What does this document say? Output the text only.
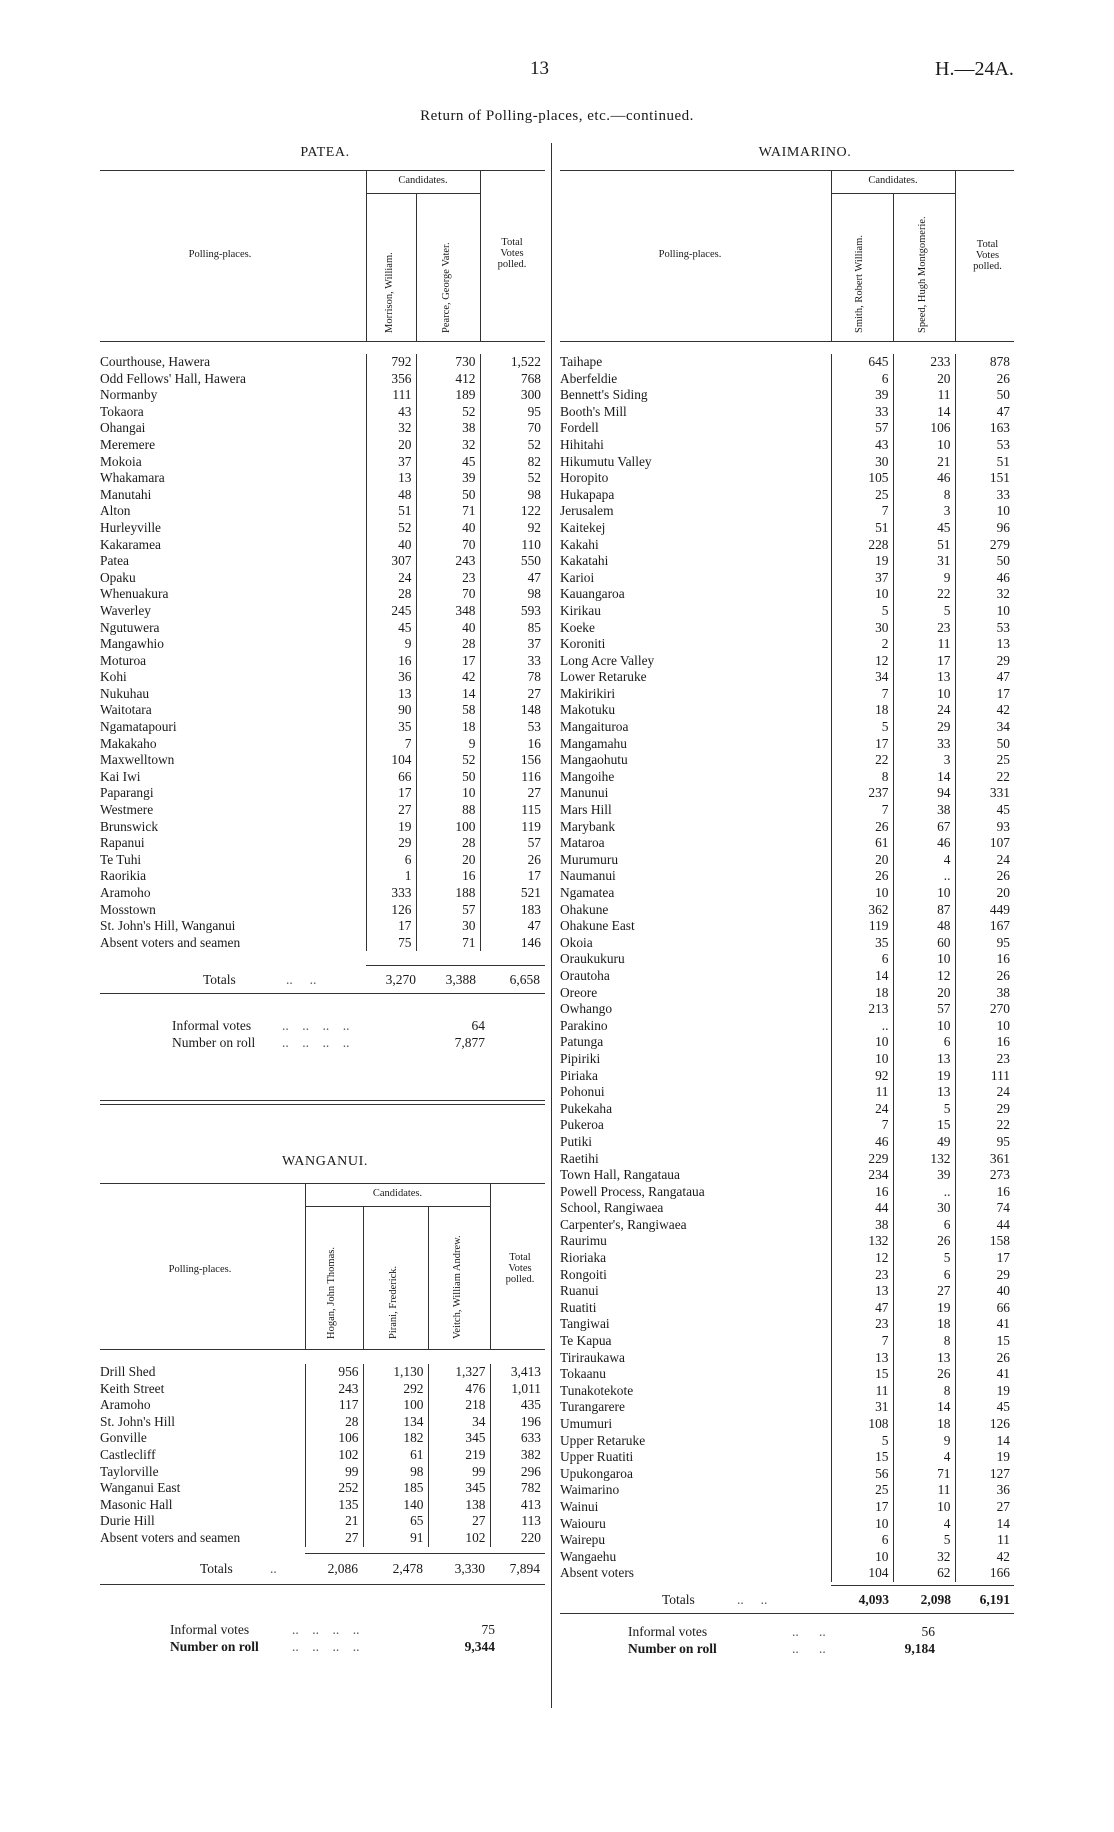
13	H.—24A.
Return of Polling-places, etc.—continued.
PATEA.
Polling-places.
Candidates.
Morrison, William.	Pearce, George Vater.	Total Votes polled.
Courthouse, Hawera	792	730	1,522
Odd Fellows' Hall, Hawera	356	412	768
Normanby	111	189	300
Tokaora	43	52	95
Ohangai	32	38	70
Meremere	20	32	52
Mokoia	37	45	82
Whakamara	13	39	52
Manutahi	48	50	98
Alton	51	71	122
Hurleyville	52	40	92
Kakaramea	40	70	110
Patea	307	243	550
Opaku	24	23	47
Whenuakura	28	70	98
Waverley	245	348	593
Ngutuwera	45	40	85
Mangawhio	9	28	37
Moturoa	16	17	33
Kohi	36	42	78
Nukuhau	13	14	27
Waitotara	90	58	148
Ngamatapouri	35	18	53
Makakaho	7	9	16
Maxwelltown	104	52	156
Kai Iwi	66	50	116
Paparangi	17	10	27
Westmere	27	88	115
Brunswick	19	100	119
Rapanui	29	28	57
Te Tuhi	6	20	26
Raorikia	1	16	17
Aramoho	333	188	521
Mosstown	126	57	183
St. John's Hill, Wanganui	17	30	47
Absent voters and seamen	75	71	146
Totals	..     ..	3,270	3,388	6,658
Informal votes ..    ..    ..    ..	64
Number on roll ..    ..    ..    ..	7,877
WANGANUI.
Polling-places.
Candidates.
Hogan, John Thomas.	Pirani, Frederick.	Veitch, William Andrew.	Total Votes polled.
Drill Shed	956	1,130	1,327	3,413
Keith Street	243	292	476	1,011
Aramoho	117	100	218	435
St. John's Hill	28	134	34	196
Gonville	106	182	345	633
Castlecliff	102	61	219	382
Taylorville	99	98	99	296
Wanganui East	252	185	345	782
Masonic Hall	135	140	138	413
Durie Hill	21	65	27	113
Absent voters and seamen	27	91	102	220
Totals	..	2,086	2,478	3,330	7,894
Informal votes	..    ..    ..    ..	75
Number on roll ..    ..    ..    ..	9,344
WAIMARINO.
Polling-places.
Candidates.
Smith, Robert William.	Speed, Hugh Montgomerie.	Total Votes polled.
Taihape	645	233	878
Aberfeldie	6	20	26
Bennett's Siding	39	11	50
Booth's Mill	33	14	47
Fordell	57	106	163
Hihitahi	43	10	53
Hikumutu Valley	30	21	51
Horopito	105	46	151
Hukapapa	25	8	33
Jerusalem	7	3	10
Kaitekej	51	45	96
Kakahi	228	51	279
Kakatahi	19	31	50
Karioi	37	9	46
Kauangaroa	10	22	32
Kirikau	5	5	10
Koeke	30	23	53
Koroniti	2	11	13
Long Acre Valley	12	17	29
Lower Retaruke	34	13	47
Makirikiri	7	10	17
Makotuku	18	24	42
Mangaituroa	5	29	34
Mangamahu	17	33	50
Mangaohutu	22	3	25
Mangoihe	8	14	22
Manunui	237	94	331
Mars Hill	7	38	45
Marybank	26	67	93
Mataroa	61	46	107
Murumuru	20	4	24
Naumanui	26	..	26
Ngamatea	10	10	20
Ohakune	362	87	449
Ohakune East	119	48	167
Okoia	35	60	95
Oraukukuru	6	10	16
Orautoha	14	12	26
Oreore	18	20	38
Owhango	213	57	270
Parakino	..	10	10
Patunga	10	6	16
Pipiriki	10	13	23
Piriaka	92	19	111
Pohonui	11	13	24
Pukekaha	24	5	29
Pukeroa	7	15	22
Putiki	46	49	95
Raetihi	229	132	361
Town Hall, Rangataua	234	39	273
Powell Process, Rangataua	16	..	16
School, Rangiwaea	44	30	74
Carpenter's, Rangiwaea	38	6	44
Raurimu	132	26	158
Rioriaka	12	5	17
Rongoiti	23	6	29
Ruanui	13	27	40
Ruatiti	47	19	66
Tangiwai	23	18	41
Te Kapua	7	8	15
Tiriraukawa	13	13	26
Tokaanu	15	26	41
Tunakotekote	11	8	19
Turangarere	31	14	45
Umumuri	108	18	126
Upper Retaruke	5	9	14
Upper Ruatiti	15	4	19
Upukongaroa	56	71	127
Waimarino	25	11	36
Wainui	17	10	27
Waiouru	10	4	14
Wairepu	6	5	11
Wangaehu	10	32	42
Absent voters	104	62	166
Totals	..     ..	4,093	2,098	6,191
Informal votes	..      ..	56
Number on roll	..      ..	9,184
